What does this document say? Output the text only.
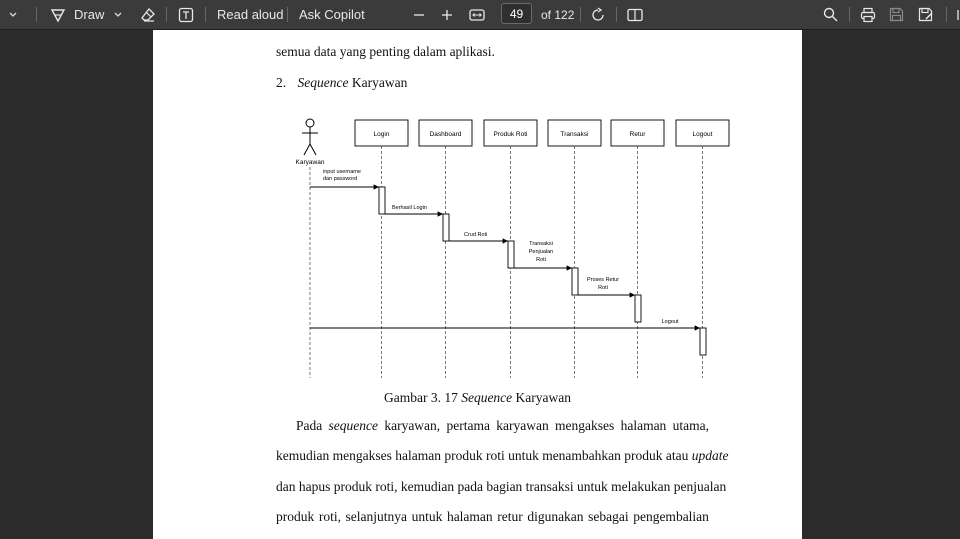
Draw	Read aloud Ask Copilot	49	of 122
semua data yang penting dalam aplikasi.
2. Sequence Karyawan
Karyawan
Login	Dashboard	Produk Roti	Transaksi	Retur	Logout
input username
dan password
Berhasil Login
Crud Roti
Transaksi
Penjualan
Roti
Proses Retur
Roti
Logout
Gambar 3. 17 Sequence Karyawan
Pada sequence karyawan, pertama karyawan mengakses halaman utama,
kemudian mengakses halaman produk roti untuk menambahkan produk atau update
dan hapus produk roti, kemudian pada bagian transaksi untuk melakukan penjualan
produk roti, selanjutnya untuk halaman retur digunakan sebagai pengembalian
